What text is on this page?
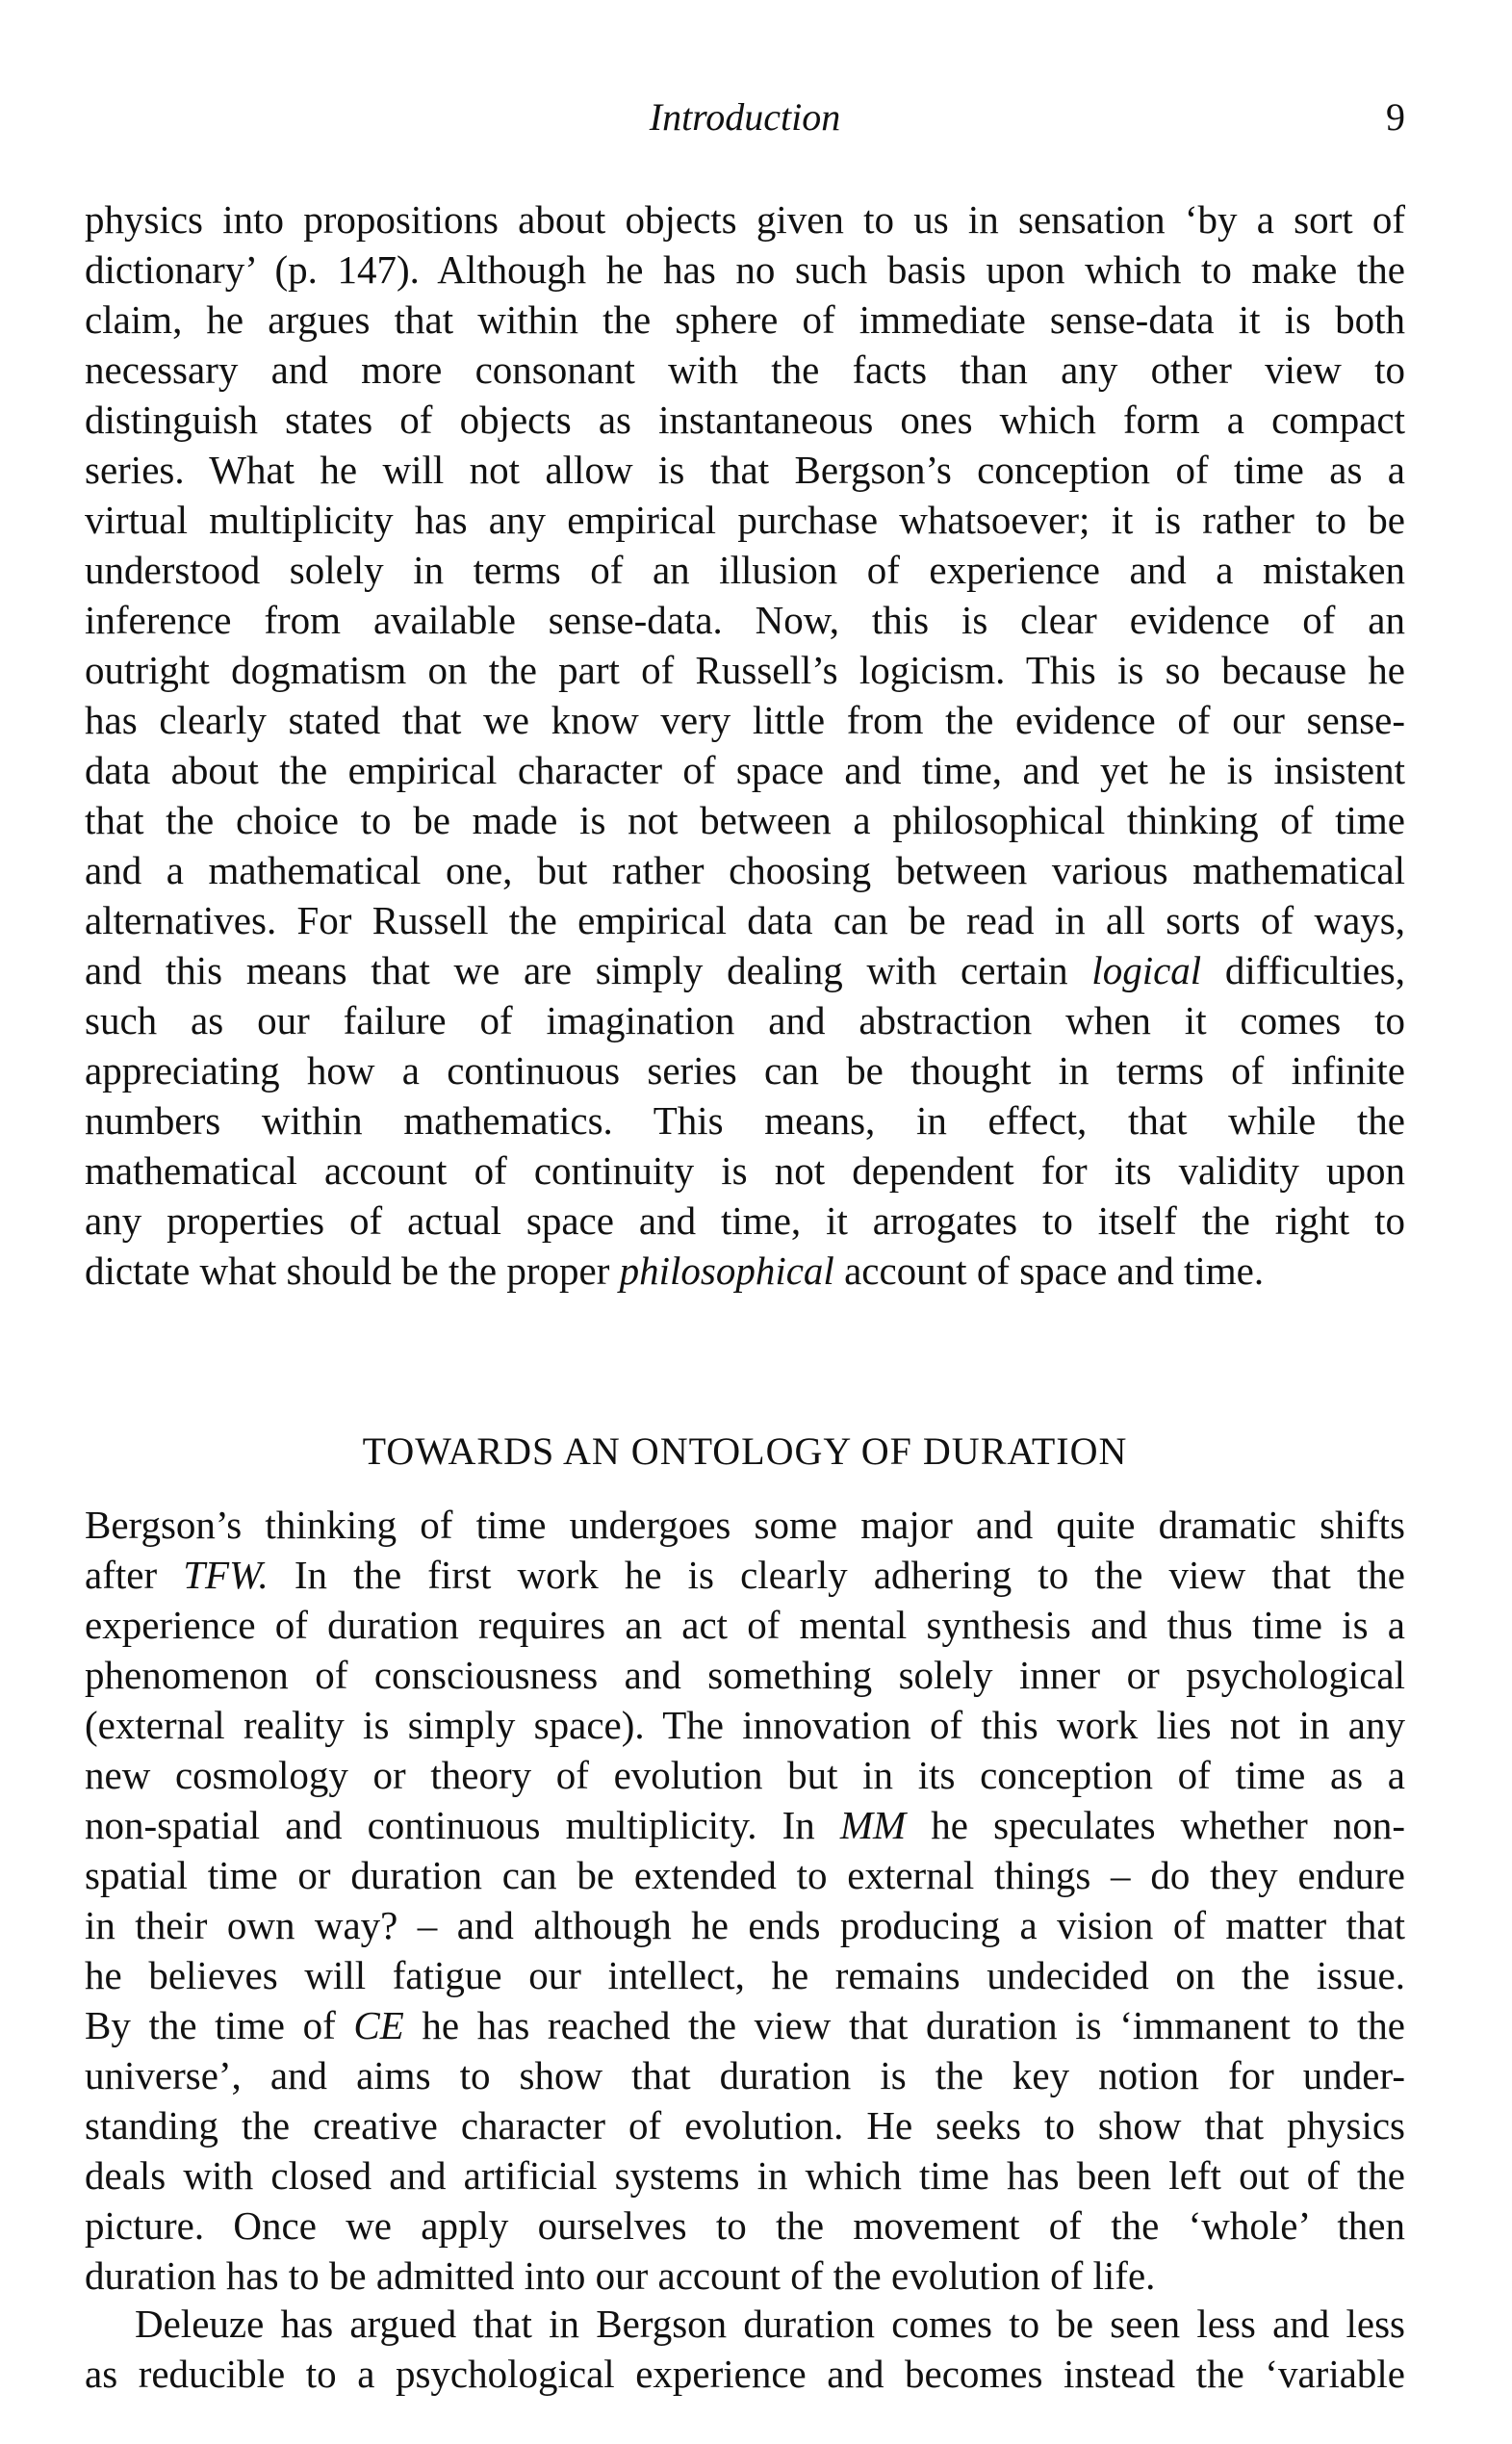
Introduction	9
physics into propositions about objects given to us in sensation ‘by a sort of
dictionary’ (p. 147). Although he has no such basis upon which to make the
claim, he argues that within the sphere of immediate sense-data it is both
necessary and more consonant with the facts than any other view to
distinguish states of objects as instantaneous ones which form a compact
series. What he will not allow is that Bergson’s conception of time as a
virtual multiplicity has any empirical purchase whatsoever; it is rather to be
understood solely in terms of an illusion of experience and a mistaken
inference from available sense-data. Now, this is clear evidence of an
outright dogmatism on the part of Russell’s logicism. This is so because he
has clearly stated that we know very little from the evidence of our sense-
data about the empirical character of space and time, and yet he is insistent
that the choice to be made is not between a philosophical thinking of time
and a mathematical one, but rather choosing between various mathematical
alternatives. For Russell the empirical data can be read in all sorts of ways,
and this means that we are simply dealing with certain logical difficulties,
such as our failure of imagination and abstraction when it comes to
appreciating how a continuous series can be thought in terms of infinite
numbers within mathematics. This means, in effect, that while the
mathematical account of continuity is not dependent for its validity upon
any properties of actual space and time, it arrogates to itself the right to
dictate what should be the proper philosophical account of space and time.
TOWARDS AN ONTOLOGY OF DURATION
Bergson’s thinking of time undergoes some major and quite dramatic shifts
after TFW. In the first work he is clearly adhering to the view that the
experience of duration requires an act of mental synthesis and thus time is a
phenomenon of consciousness and something solely inner or psychological
(external reality is simply space). The innovation of this work lies not in any
new cosmology or theory of evolution but in its conception of time as a
non-spatial and continuous multiplicity. In MM he speculates whether non-
spatial time or duration can be extended to external things – do they endure
in their own way? – and although he ends producing a vision of matter that
he believes will fatigue our intellect, he remains undecided on the issue.
By the time of CE he has reached the view that duration is ‘immanent to the
universe’, and aims to show that duration is the key notion for under-
standing the creative character of evolution. He seeks to show that physics
deals with closed and artificial systems in which time has been left out of the
picture. Once we apply ourselves to the movement of the ‘whole’ then
duration has to be admitted into our account of the evolution of life.
Deleuze has argued that in Bergson duration comes to be seen less and less
as reducible to a psychological experience and becomes instead the ‘variable
